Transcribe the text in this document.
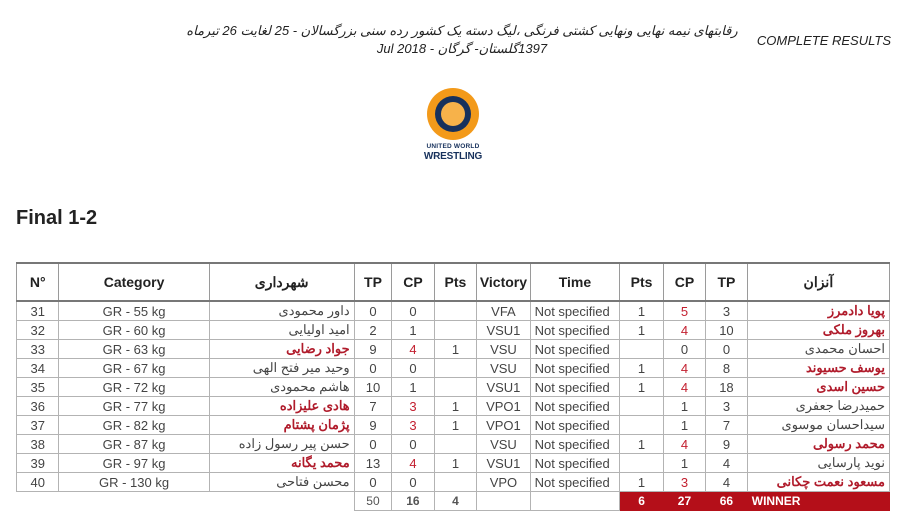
رقابتهای نیمه نهایی ونهایی کشتی فرنگی ،لیگ دسته یک کشور رده سنی بزرگسالان - 25 لغایت 26 تیرماه
1397گلستان- گرگان - Jul 2018
COMPLETE RESULTS
UNITED WORLD
WRESTLING
Final 1-2
N°	Category	شهرداری	TP	CP	Pts	Victory	Time	Pts	CP	TP	آنزان
31	GR - 55 kg	داور محمودی	0	0		VFA	Not specified	1	5	3	پویا دادمرز
32	GR - 60 kg	امید اولیایی	2	1		VSU1	Not specified	1	4	10	بهروز ملکی
33	GR - 63 kg	جواد رضایی	9	4	1	VSU	Not specified		0	0	احسان محمدی
34	GR - 67 kg	وحید میر فتح الهی	0	0		VSU	Not specified	1	4	8	یوسف حسیوند
35	GR - 72 kg	هاشم محمودی	10	1		VSU1	Not specified	1	4	18	حسین اسدی
36	GR - 77 kg	هادی علیزاده	7	3	1	VPO1	Not specified		1	3	حمیدرضا جعفری
37	GR - 82 kg	پژمان پشتام	9	3	1	VPO1	Not specified		1	7	سیداحسان موسوی
38	GR - 87 kg	حسن پیر رسول زاده	0	0		VSU	Not specified	1	4	9	محمد رسولی
39	GR - 97 kg	محمد یگانه	13	4	1	VSU1	Not specified		1	4	نوید پارسایی
40	GR - 130 kg	محسن فتاحی	0	0		VPO	Not specified	1	3	4	مسعود نعمت چکانی
			50	16	4			6	27	66	WINNER
